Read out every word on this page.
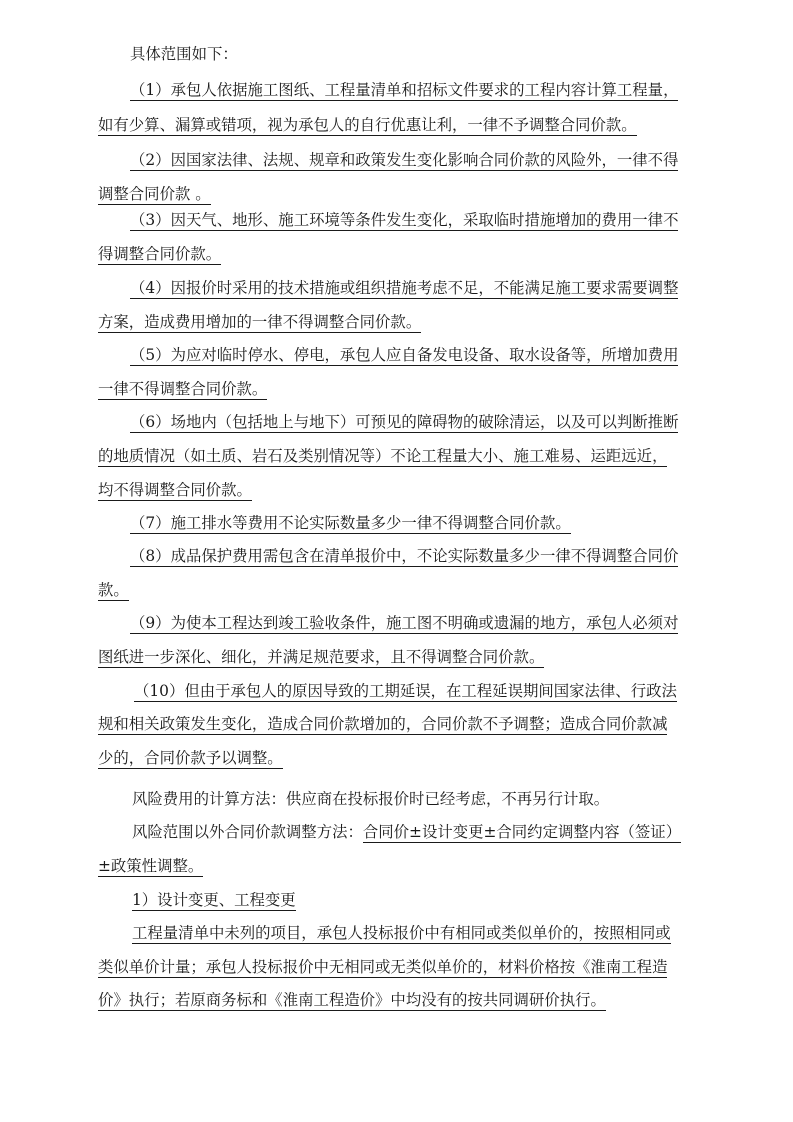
具体范围如下：
（1）承包人依据施工图纸、工程量清单和招标文件要求的工程内容计算工程量，
如有少算、漏算或错项，视为承包人的自行优惠让利，一律不予调整合同价款。
（2）因国家法律、法规、规章和政策发生变化影响合同价款的风险外，一律不得
调整合同价款 。
（3）因天气、地形、施工环境等条件发生变化，采取临时措施增加的费用一律不
得调整合同价款。
（4）因报价时采用的技术措施或组织措施考虑不足，不能满足施工要求需要调整
方案，造成费用增加的一律不得调整合同价款。
（5）为应对临时停水、停电，承包人应自备发电设备、取水设备等，所增加费用
一律不得调整合同价款。
（6）场地内（包括地上与地下）可预见的障碍物的破除清运，以及可以判断推断
的地质情况（如土质、岩石及类别情况等）不论工程量大小、施工难易、运距远近，
均不得调整合同价款。
（7）施工排水等费用不论实际数量多少一律不得调整合同价款。
（8）成品保护费用需包含在清单报价中，不论实际数量多少一律不得调整合同价
款。
（9）为使本工程达到竣工验收条件，施工图不明确或遗漏的地方，承包人必须对
图纸进一步深化、细化，并满足规范要求，且不得调整合同价款。
（10）但由于承包人的原因导致的工期延误，在工程延误期间国家法律、行政法
规和相关政策发生变化，造成合同价款增加的，合同价款不予调整；造成合同价款减
少的，合同价款予以调整。
风险费用的计算方法：供应商在投标报价时已经考虑，不再另行计取。
风险范围以外合同价款调整方法：合同价±设计变更±合同约定调整内容（签证）
±政策性调整。
1）设计变更、工程变更
工程量清单中未列的项目，承包人投标报价中有相同或类似单价的，按照相同或
类似单价计量；承包人投标报价中无相同或无类似单价的，材料价格按《淮南工程造
价》执行；若原商务标和《淮南工程造价》中均没有的按共同调研价执行。
